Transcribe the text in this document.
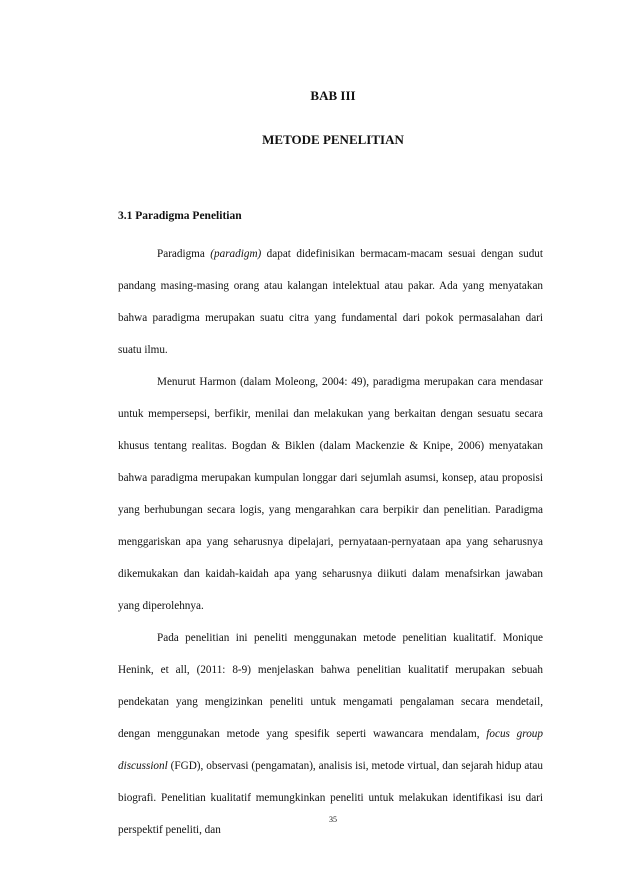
BAB III
METODE PENELITIAN
3.1 Paradigma Penelitian

Paradigma (paradigm) dapat didefinisikan bermacam-macam sesuai dengan sudut pandang masing-masing orang atau kalangan intelektual atau pakar. Ada yang menyatakan bahwa paradigma merupakan suatu citra yang fundamental dari pokok permasalahan dari suatu ilmu.

Menurut Harmon (dalam Moleong, 2004: 49), paradigma merupakan cara mendasar untuk mempersepsi, berfikir, menilai dan melakukan yang berkaitan dengan sesuatu secara khusus tentang realitas. Bogdan & Biklen (dalam Mackenzie & Knipe, 2006) menyatakan bahwa paradigma merupakan kumpulan longgar dari sejumlah asumsi, konsep, atau proposisi yang berhubungan secara logis, yang mengarahkan cara berpikir dan penelitian. Paradigma menggariskan apa yang seharusnya dipelajari, pernyataan-pernyataan apa yang seharusnya dikemukakan dan kaidah-kaidah apa yang seharusnya diikuti dalam menafsirkan jawaban yang diperolehnya.

Pada penelitian ini peneliti menggunakan metode penelitian kualitatif. Monique Henink, et all, (2011: 8-9) menjelaskan bahwa penelitian kualitatif merupakan sebuah pendekatan yang mengizinkan peneliti untuk mengamati pengalaman secara mendetail, dengan menggunakan metode yang spesifik seperti wawancara mendalam, focus group discussionl (FGD), observasi (pengamatan), analisis isi, metode virtual, dan sejarah hidup atau biografi. Penelitian kualitatif memungkinkan peneliti untuk melakukan identifikasi isu dari perspektif peneliti, dan

35
